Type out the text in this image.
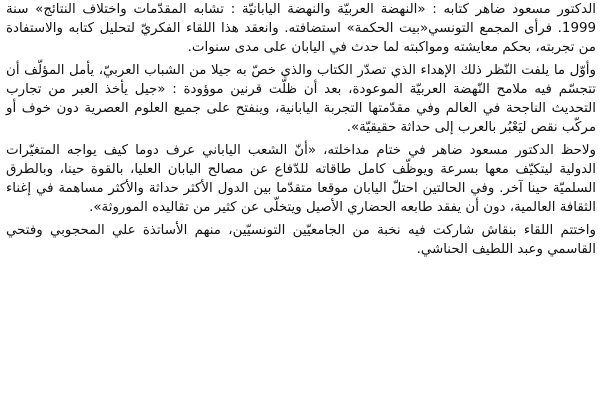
الدكتور مسعود ضاهر كتابه : «النهضة العربيّة والنهضة اليابانيّة : تشابه المقدّمات واختلاف النتائج» سنة 1999. فرأى المجمع التونسي«بيت الحكمة» استضافته. وانعقد هذا اللقاء الفكريّ لتحليل كتابه والاستفادة من تجربته، بحكم معايشته ومواكبته لما حدث في اليابان على مدى سنوات.

وأوّل ما يلفت النّظر ذلك الإهداء الذي تصدّر الكتاب والذي خصّ به جيلا من الشباب العربيّ، يأمل المؤلّف أن تتجسّم فيه ملامح النّهضة العربيّة الموعودة، بعد أن ظلّت قرنين موؤودة : «جيل يأخذ العبر من تجارب التحديث الناجحة في العالم وفي مقدّمتها التجربة اليابانية، وينفتح على جميع العلوم العصرية دون خوف أو مركّب نقص ليَعْبُر بالعرب إلى حداثة حقيقيّة».

ولاحظ الدكتور مسعود ضاهر في ختام مداخلته، «أنّ الشعب الياباني عرف دوما كيف يواجه المتغيّرات الدولية ليتكيّف معها بسرعة ويوظّف كامل طاقاته للدّفاع عن مصالح اليابان العليا، بالقوة حينا، وبالطرق السلميّة حينا آخر. وفي الحالتين احتلّ اليابان موقعا متقدّما بين الدول الأكثر حداثة والأكثر مساهمة في إغناء الثقافة العالمية، دون أن يفقد طابعه الحضاري الأصيل ويتخلّى عن كثير من تقاليده الموروثة».

واختتم اللقاء بنقاش شاركت فيه نخبة من الجامعيّين التونسيّين، منهم الأساتذة علي المحجوبي وفتحي القاسمي وعبد اللطيف الحناشي.
